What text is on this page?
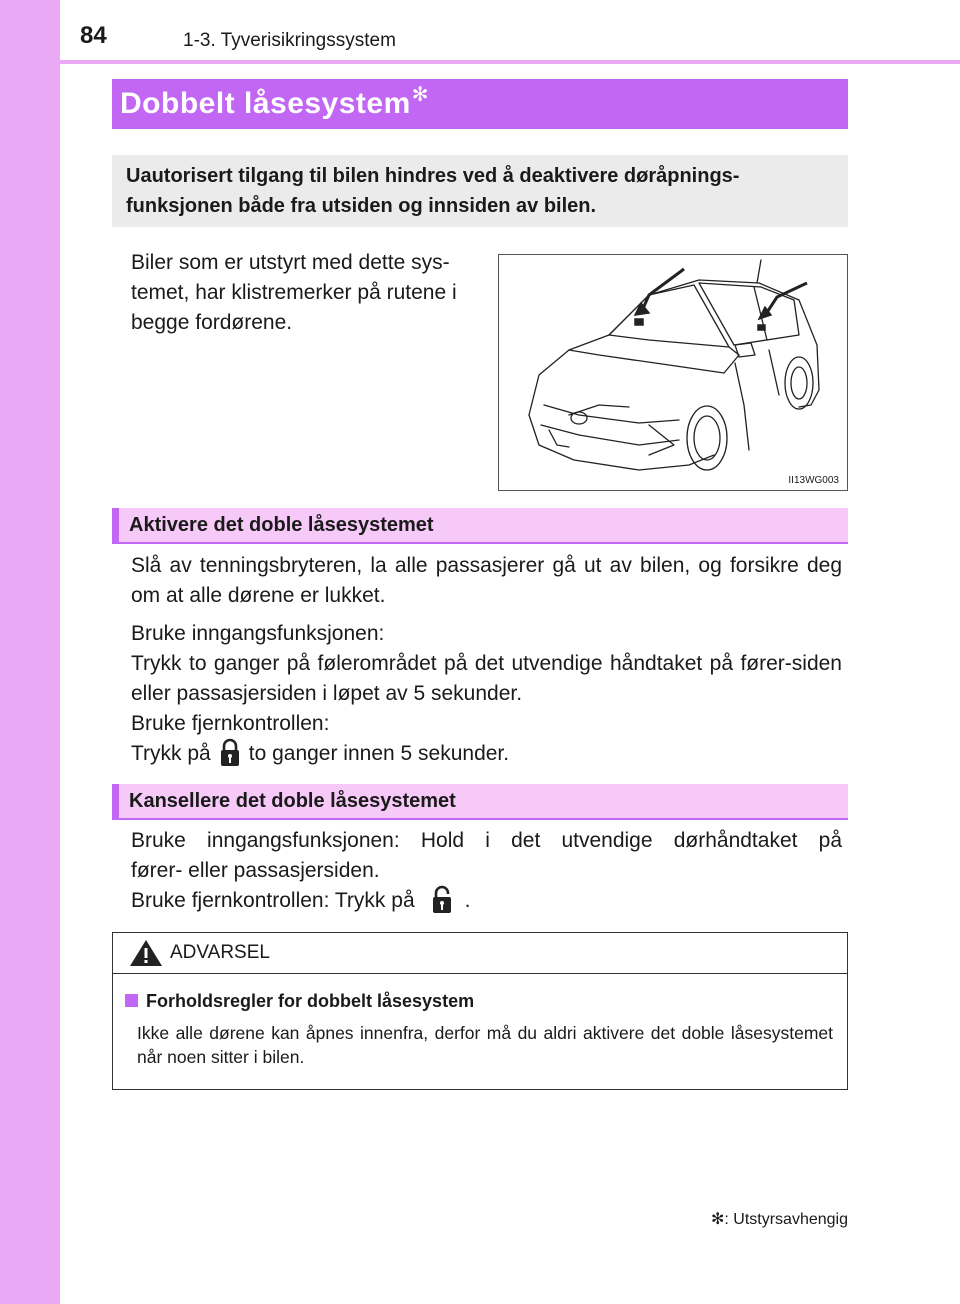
84	1-3. Tyverisikringssystem
Dobbelt låsesystem✻
Uautorisert tilgang til bilen hindres ved å deaktivere døråpnings-funksjonen både fra utsiden og innsiden av bilen.
Biler som er utstyrt med dette sys-temet, har klistremerker på rutene i begge fordørene.
II13WG003
Aktivere det doble låsesystemet

Slå av tenningsbryteren, la alle passasjerer gå ut av bilen, og forsikre deg om at alle dørene er lukket.

Bruke inngangsfunksjonen:

Trykk to ganger på følerområdet på det utvendige håndtaket på fører-siden eller passasjersiden i løpet av 5 sekunder.

Bruke fjernkontrollen:

Trykk på to ganger innen 5 sekunder.

Kansellere det doble låsesystemet

Bruke inngangsfunksjonen: Hold i det utvendige dørhåndtaket på

fører- eller passasjersiden.

Bruke fjernkontrollen: Trykk på .

ADVARSEL
Forholdsregler for dobbelt låsesystem
Ikke alle dørene kan åpnes innenfra, derfor må du aldri aktivere det doble låsesystemet når noen sitter i bilen.
✻: Utstyrsavhengig
